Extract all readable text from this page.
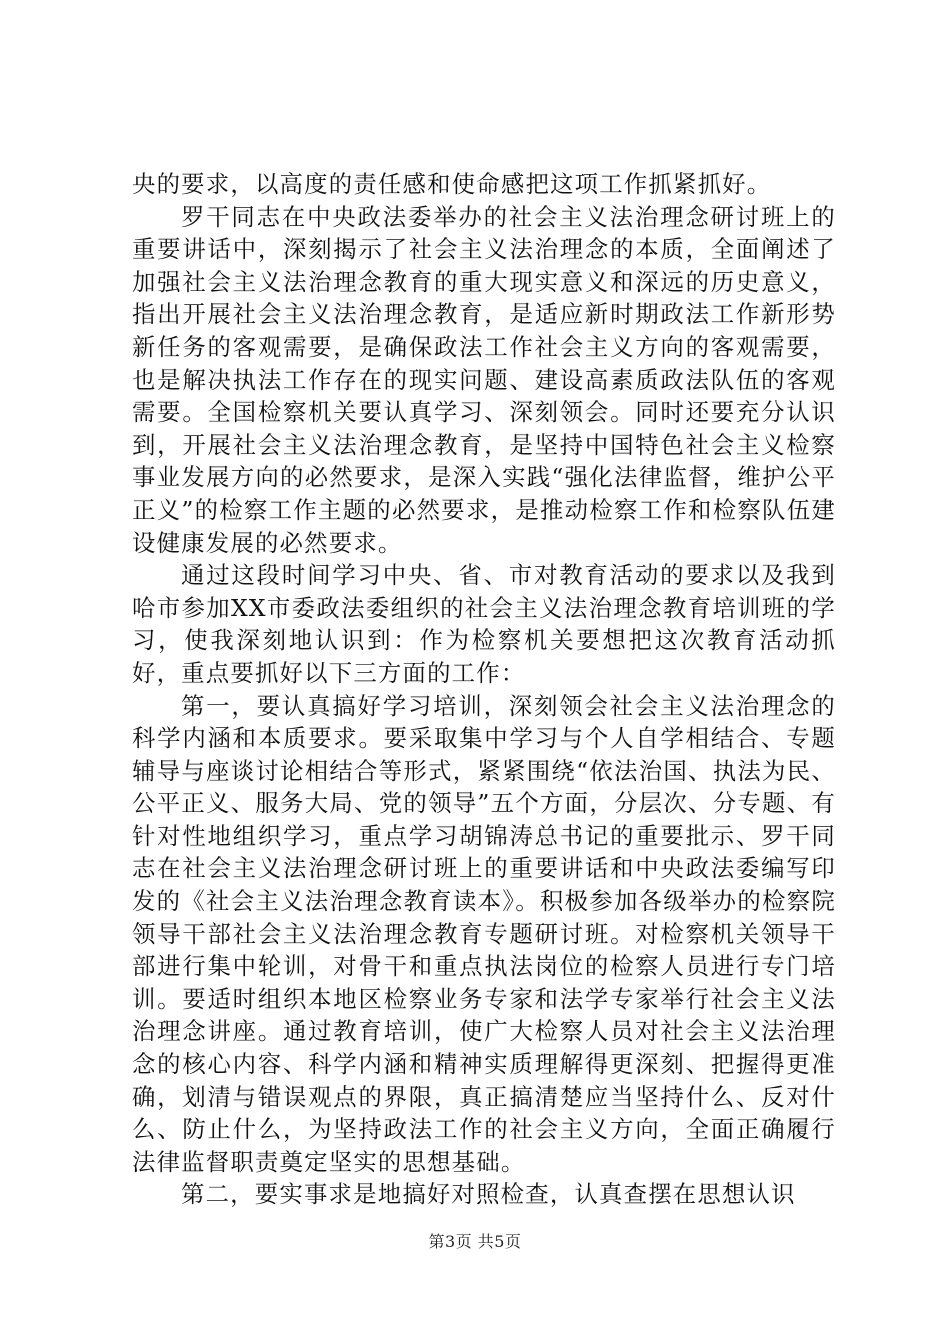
央的要求，以高度的责任感和使命感把这项工作抓紧抓好。

罗干同志在中央政法委举办的社会主义法治理念研讨班上的重要讲话中，深刻揭示了社会主义法治理念的本质，全面阐述了加强社会主义法治理念教育的重大现实意义和深远的历史意义，指出开展社会主义法治理念教育，是适应新时期政法工作新形势新任务的客观需要，是确保政法工作社会主义方向的客观需要，也是解决执法工作存在的现实问题、建设高素质政法队伍的客观需要。全国检察机关要认真学习、深刻领会。同时还要充分认识到，开展社会主义法治理念教育，是坚持中国特色社会主义检察事业发展方向的必然要求，是深入实践“强化法律监督，维护公平正义”的检察工作主题的必然要求，是推动检察工作和检察队伍建设健康发展的必然要求。

通过这段时间学习中央、省、市对教育活动的要求以及我到哈市参加XX市委政法委组织的社会主义法治理念教育培训班的学习，使我深刻地认识到：作为检察机关要想把这次教育活动抓好，重点要抓好以下三方面的工作：

第一，要认真搞好学习培训，深刻领会社会主义法治理念的科学内涵和本质要求。要采取集中学习与个人自学相结合、专题辅导与座谈讨论相结合等形式，紧紧围绕“依法治国、执法为民、公平正义、服务大局、党的领导”五个方面，分层次、分专题、有针对性地组织学习，重点学习胡锦涛总书记的重要批示、罗干同志在社会主义法治理念研讨班上的重要讲话和中央政法委编写印发的《社会主义法治理念教育读本》。积极参加各级举办的检察院领导干部社会主义法治理念教育专题研讨班。对检察机关领导干部进行集中轮训，对骨干和重点执法岗位的检察人员进行专门培训。要适时组织本地区检察业务专家和法学专家举行社会主义法治理念讲座。通过教育培训，使广大检察人员对社会主义法治理念的核心内容、科学内涵和精神实质理解得更深刻、把握得更准确，划清与错误观点的界限，真正搞清楚应当坚持什么、反对什么、防止什么，为坚持政法工作的社会主义方向，全面正确履行法律监督职责奠定坚实的思想基础。

第二，要实事求是地搞好对照检查，认真查摆在思想认识

第3页 共5页
